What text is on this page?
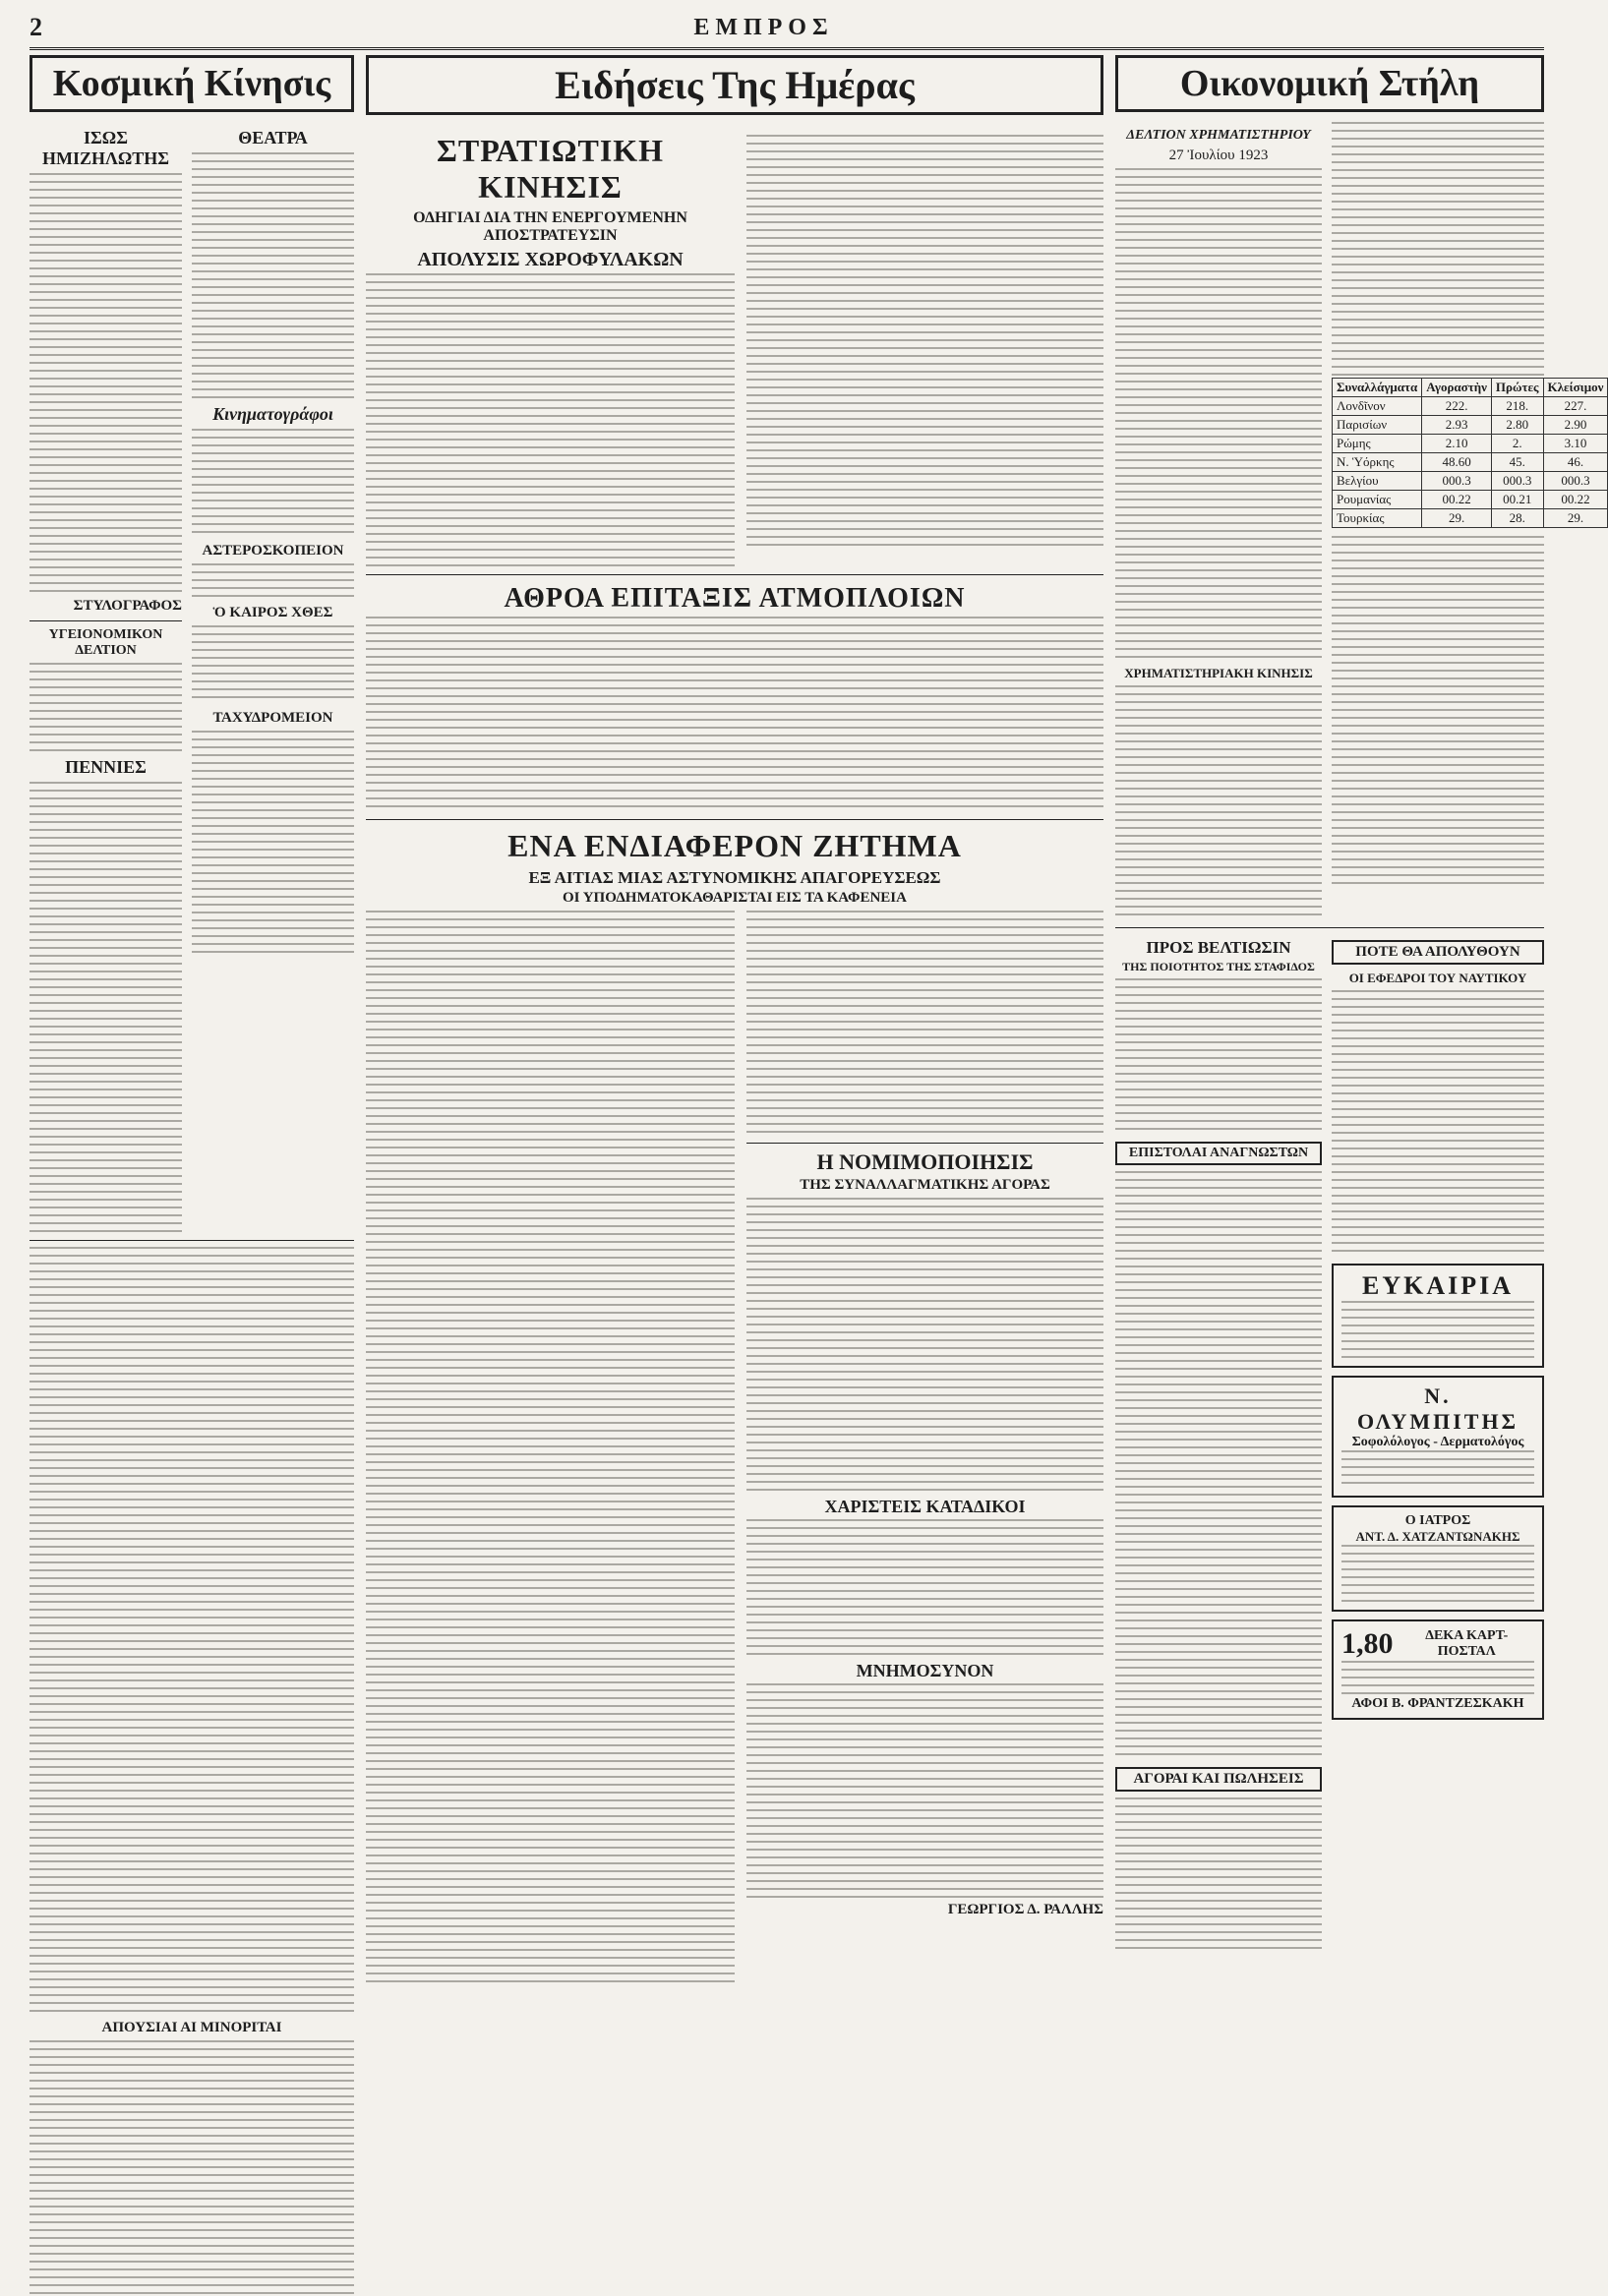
2	ΕΜΠΡΟΣ
Κοσμική Κίνησις
ΙΣΩΣ ΗΜΙΖΗΛΩΤΗΣ
ΣΤΥΛΟΓΡΑΦΟΣ
ΥΓΕΙΟΝΟΜΙΚΟΝ ΔΕΛΤΙΟΝ
ΠΕΝΝΙΕΣ
ΘΕΑΤΡΑ
Κινηματογράφοι
ΑΣΤΕΡΟΣΚΟΠΕΙΟΝ
Ὁ ΚΑΙΡΟΣ ΧΘΕΣ
ΤΑΧΥΔΡΟΜΕΙΟΝ
ΑΠΟΥΣΙΑΙ ΑΙ ΜΙΝΟΡΙΤΑΙ
Ειδήσεις Της Ημέρας
ΣΤΡΑΤΙΩΤΙΚΗ ΚΙΝΗΣΙΣ
ΟΔΗΓΙΑΙ ΔΙΑ ΤΗΝ ΕΝΕΡΓΟΥΜΕΝΗΝ ΑΠΟΣΤΡΑΤΕΥΣΙΝ
ΑΠΟΛΥΣΙΣ ΧΩΡΟΦΥΛΑΚΩΝ
ΑΘΡΟΑ ΕΠΙΤΑΞΙΣ ΑΤΜΟΠΛΟΙΩΝ
ΕΝΑ ΕΝΔΙΑΦΕΡΟΝ ΖΗΤΗΜΑ
ΕΞ ΑΙΤΙΑΣ ΜΙΑΣ ΑΣΤΥΝΟΜΙΚΗΣ ΑΠΑΓΟΡΕΥΣΕΩΣ
ΟΙ ΥΠΟΔΗΜΑΤΟΚΑΘΑΡΙΣΤΑΙ ΕΙΣ ΤΑ ΚΑΦΕΝΕΙΑ
Η ΝΟΜΙΜΟΠΟΙΗΣΙΣ
ΤΗΣ ΣΥΝΑΛΛΑΓΜΑΤΙΚΗΣ ΑΓΟΡΑΣ
ΧΑΡΙΣΤΕΙΣ ΚΑΤΑΔΙΚΟΙ
ΜΝΗΜΟΣΥΝΟΝ
ΓΕΩΡΓΙΟΣ Δ. ΡΑΛΛΗΣ
Οικονομική Στήλη
ΔΕΛΤΙΟΝ ΧΡΗΜΑΤΙΣΤΗΡΙΟΥ
27 Ἰουλίου 1923
ΧΡΗΜΑΤΙΣΤΗΡΙΑΚΗ ΚΙΝΗΣΙΣ
Συναλλάγματα	Αγοραστὴν	Πρώτες	Κλείσιμον
Λονδῖνον	222.	218.	227.
Παρισίων	2.93	2.80	2.90
Ρώμης	2.10	2.	3.10
Ν. Ὑόρκης	48.60	45.	46.
Βελγίου	000.3	000.3	000.3
Ρουμανίας	00.22	00.21	00.22
Τουρκίας	29.	28.	29.
ΠΡΟΣ ΒΕΛΤΙΩΣΙΝ
ΤΗΣ ΠΟΙΟΤΗΤΟΣ ΤΗΣ ΣΤΑΦΙΔΟΣ
ΕΠΙΣΤΟΛΑΙ ΑΝΑΓΝΩΣΤΩΝ
ΑΓΟΡΑΙ ΚΑΙ ΠΩΛΗΣΕΙΣ
ΠΟΤΕ ΘΑ ΑΠΟΛΥΘΟΥΝ
ΟΙ ΕΦΕΔΡΟΙ ΤΟΥ ΝΑΥΤΙΚΟΥ
ΕΥΚΑΙΡΙΑ
Ν. ΟΛΥΜΠΙΤΗΣ
Σοφολόλογος - Δερματολόγος
Ο ΙΑΤΡΟΣ
ΑΝΤ. Δ. ΧΑΤΖΑΝΤΩΝΑΚΗΣ
1,80	ΔΕΚΑ ΚΑΡΤ-ΠΟΣΤΑΛ
ΑΦΟΙ Β. ΦΡΑΝΤΖΕΣΚΑΚΗ
